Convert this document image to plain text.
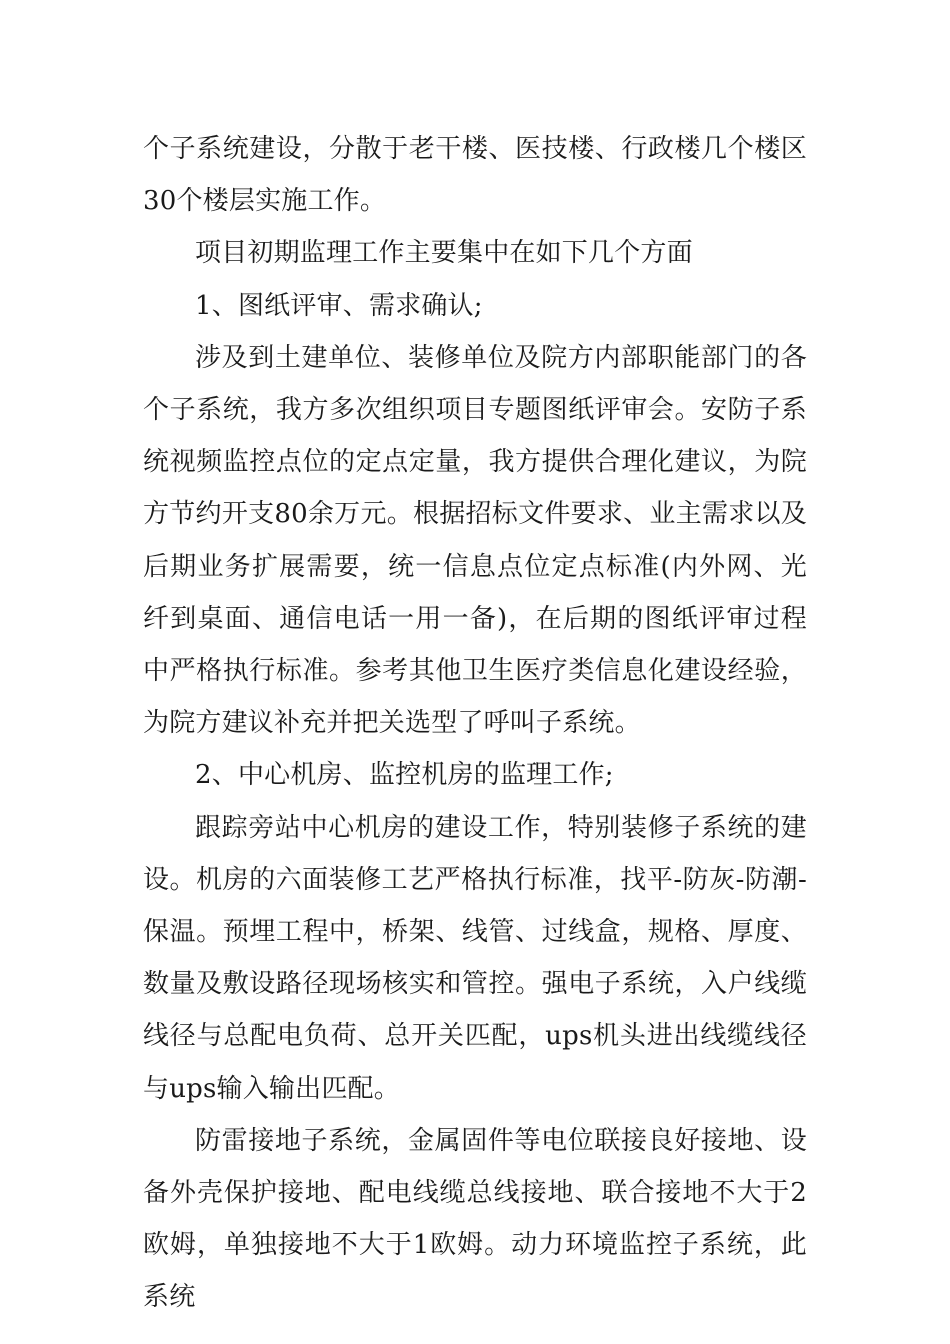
个子系统建设，分散于老干楼、医技楼、行政楼几个楼区30个楼层实施工作。

项目初期监理工作主要集中在如下几个方面

1、图纸评审、需求确认;

涉及到土建单位、装修单位及院方内部职能部门的各个子系统，我方多次组织项目专题图纸评审会。安防子系统视频监控点位的定点定量，我方提供合理化建议，为院方节约开支80余万元。根据招标文件要求、业主需求以及后期业务扩展需要，统一信息点位定点标准(内外网、光纤到桌面、通信电话一用一备)，在后期的图纸评审过程中严格执行标准。参考其他卫生医疗类信息化建设经验，为院方建议补充并把关选型了呼叫子系统。

2、中心机房、监控机房的监理工作;

跟踪旁站中心机房的建设工作，特别装修子系统的建设。机房的六面装修工艺严格执行标准，找平-防灰-防潮-保温。预埋工程中，桥架、线管、过线盒，规格、厚度、数量及敷设路径现场核实和管控。强电子系统，入户线缆线径与总配电负荷、总开关匹配，ups机头进出线缆线径与ups输入输出匹配。

防雷接地子系统，金属固件等电位联接良好接地、设备外壳保护接地、配电线缆总线接地、联合接地不大于2欧姆，单独接地不大于1欧姆。动力环境监控子系统，此系统
